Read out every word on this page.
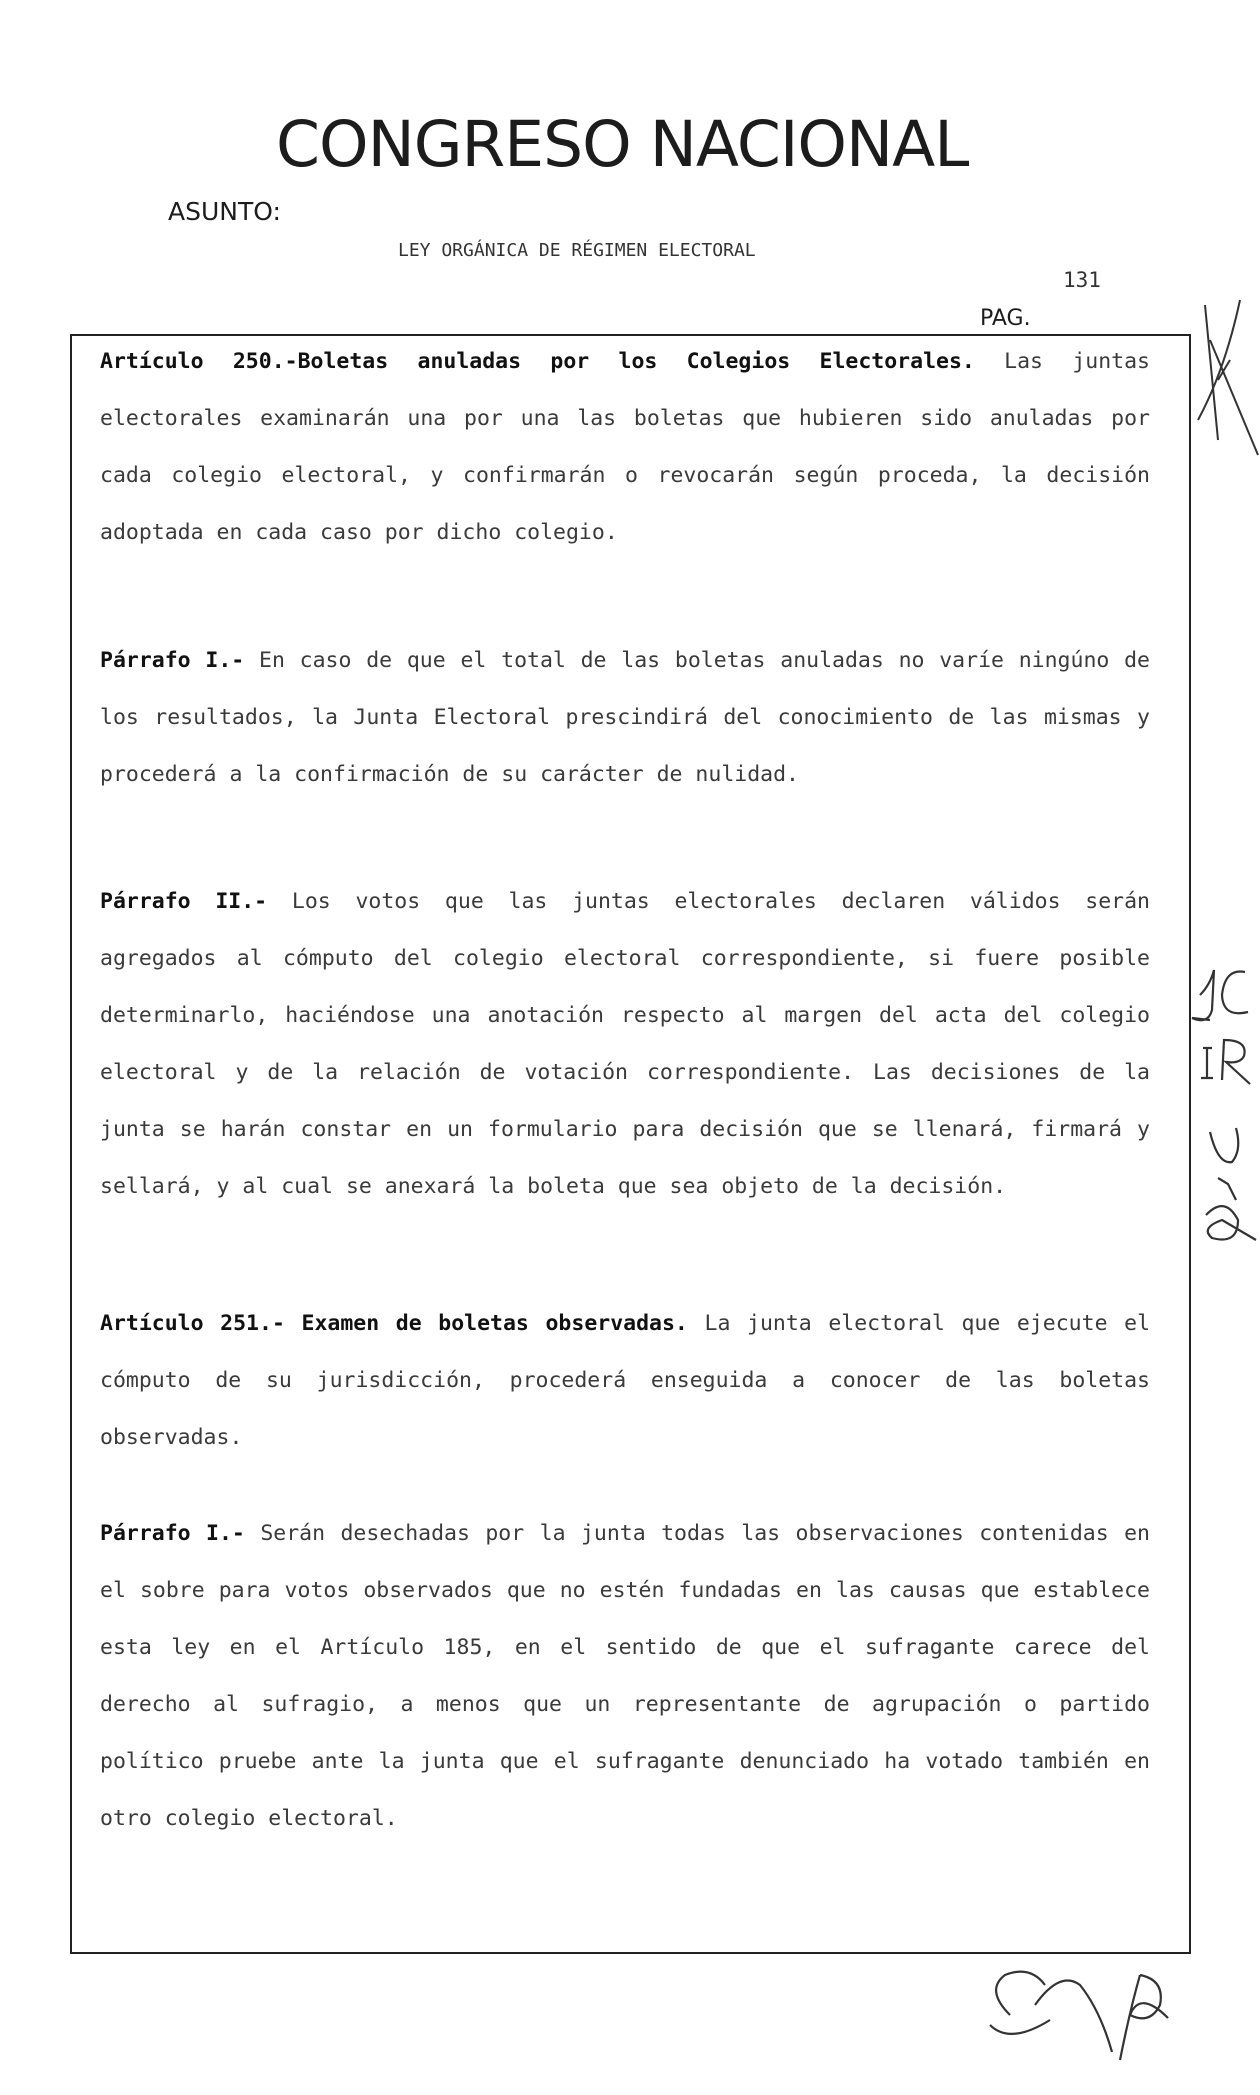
CONGRESO NACIONAL
ASUNTO:
LEY ORGÁNICA DE RÉGIMEN ELECTORAL
131
PAG.
Artículo 250.-Boletas anuladas por los Colegios Electorales. Las juntas electorales examinarán una por una las boletas que hubieren sido anuladas por cada colegio electoral, y confirmarán o revocarán según proceda, la decisión adoptada en cada caso por dicho colegio.
Párrafo I.- En caso de que el total de las boletas anuladas no varíe ningúno de los resultados, la Junta Electoral prescindirá del conocimiento de las mismas y procederá a la confirmación de su carácter de nulidad.
Párrafo II.- Los votos que las juntas electorales declaren válidos serán agregados al cómputo del colegio electoral correspondiente, si fuere posible determinarlo, haciéndose una anotación respecto al margen del acta del colegio electoral y de la relación de votación correspondiente. Las decisiones de la junta se harán constar en un formulario para decisión que se llenará, firmará y sellará, y al cual se anexará la boleta que sea objeto de la decisión.
Artículo 251.- Examen de boletas observadas. La junta electoral que ejecute el cómputo de su jurisdicción, procederá enseguida a conocer de las boletas observadas.
Párrafo I.- Serán desechadas por la junta todas las observaciones contenidas en el sobre para votos observados que no estén fundadas en las causas que establece esta ley en el Artículo 185, en el sentido de que el sufragante carece del derecho al sufragio, a menos que un representante de agrupación o partido político pruebe ante la junta que el sufragante denunciado ha votado también en otro colegio electoral.
